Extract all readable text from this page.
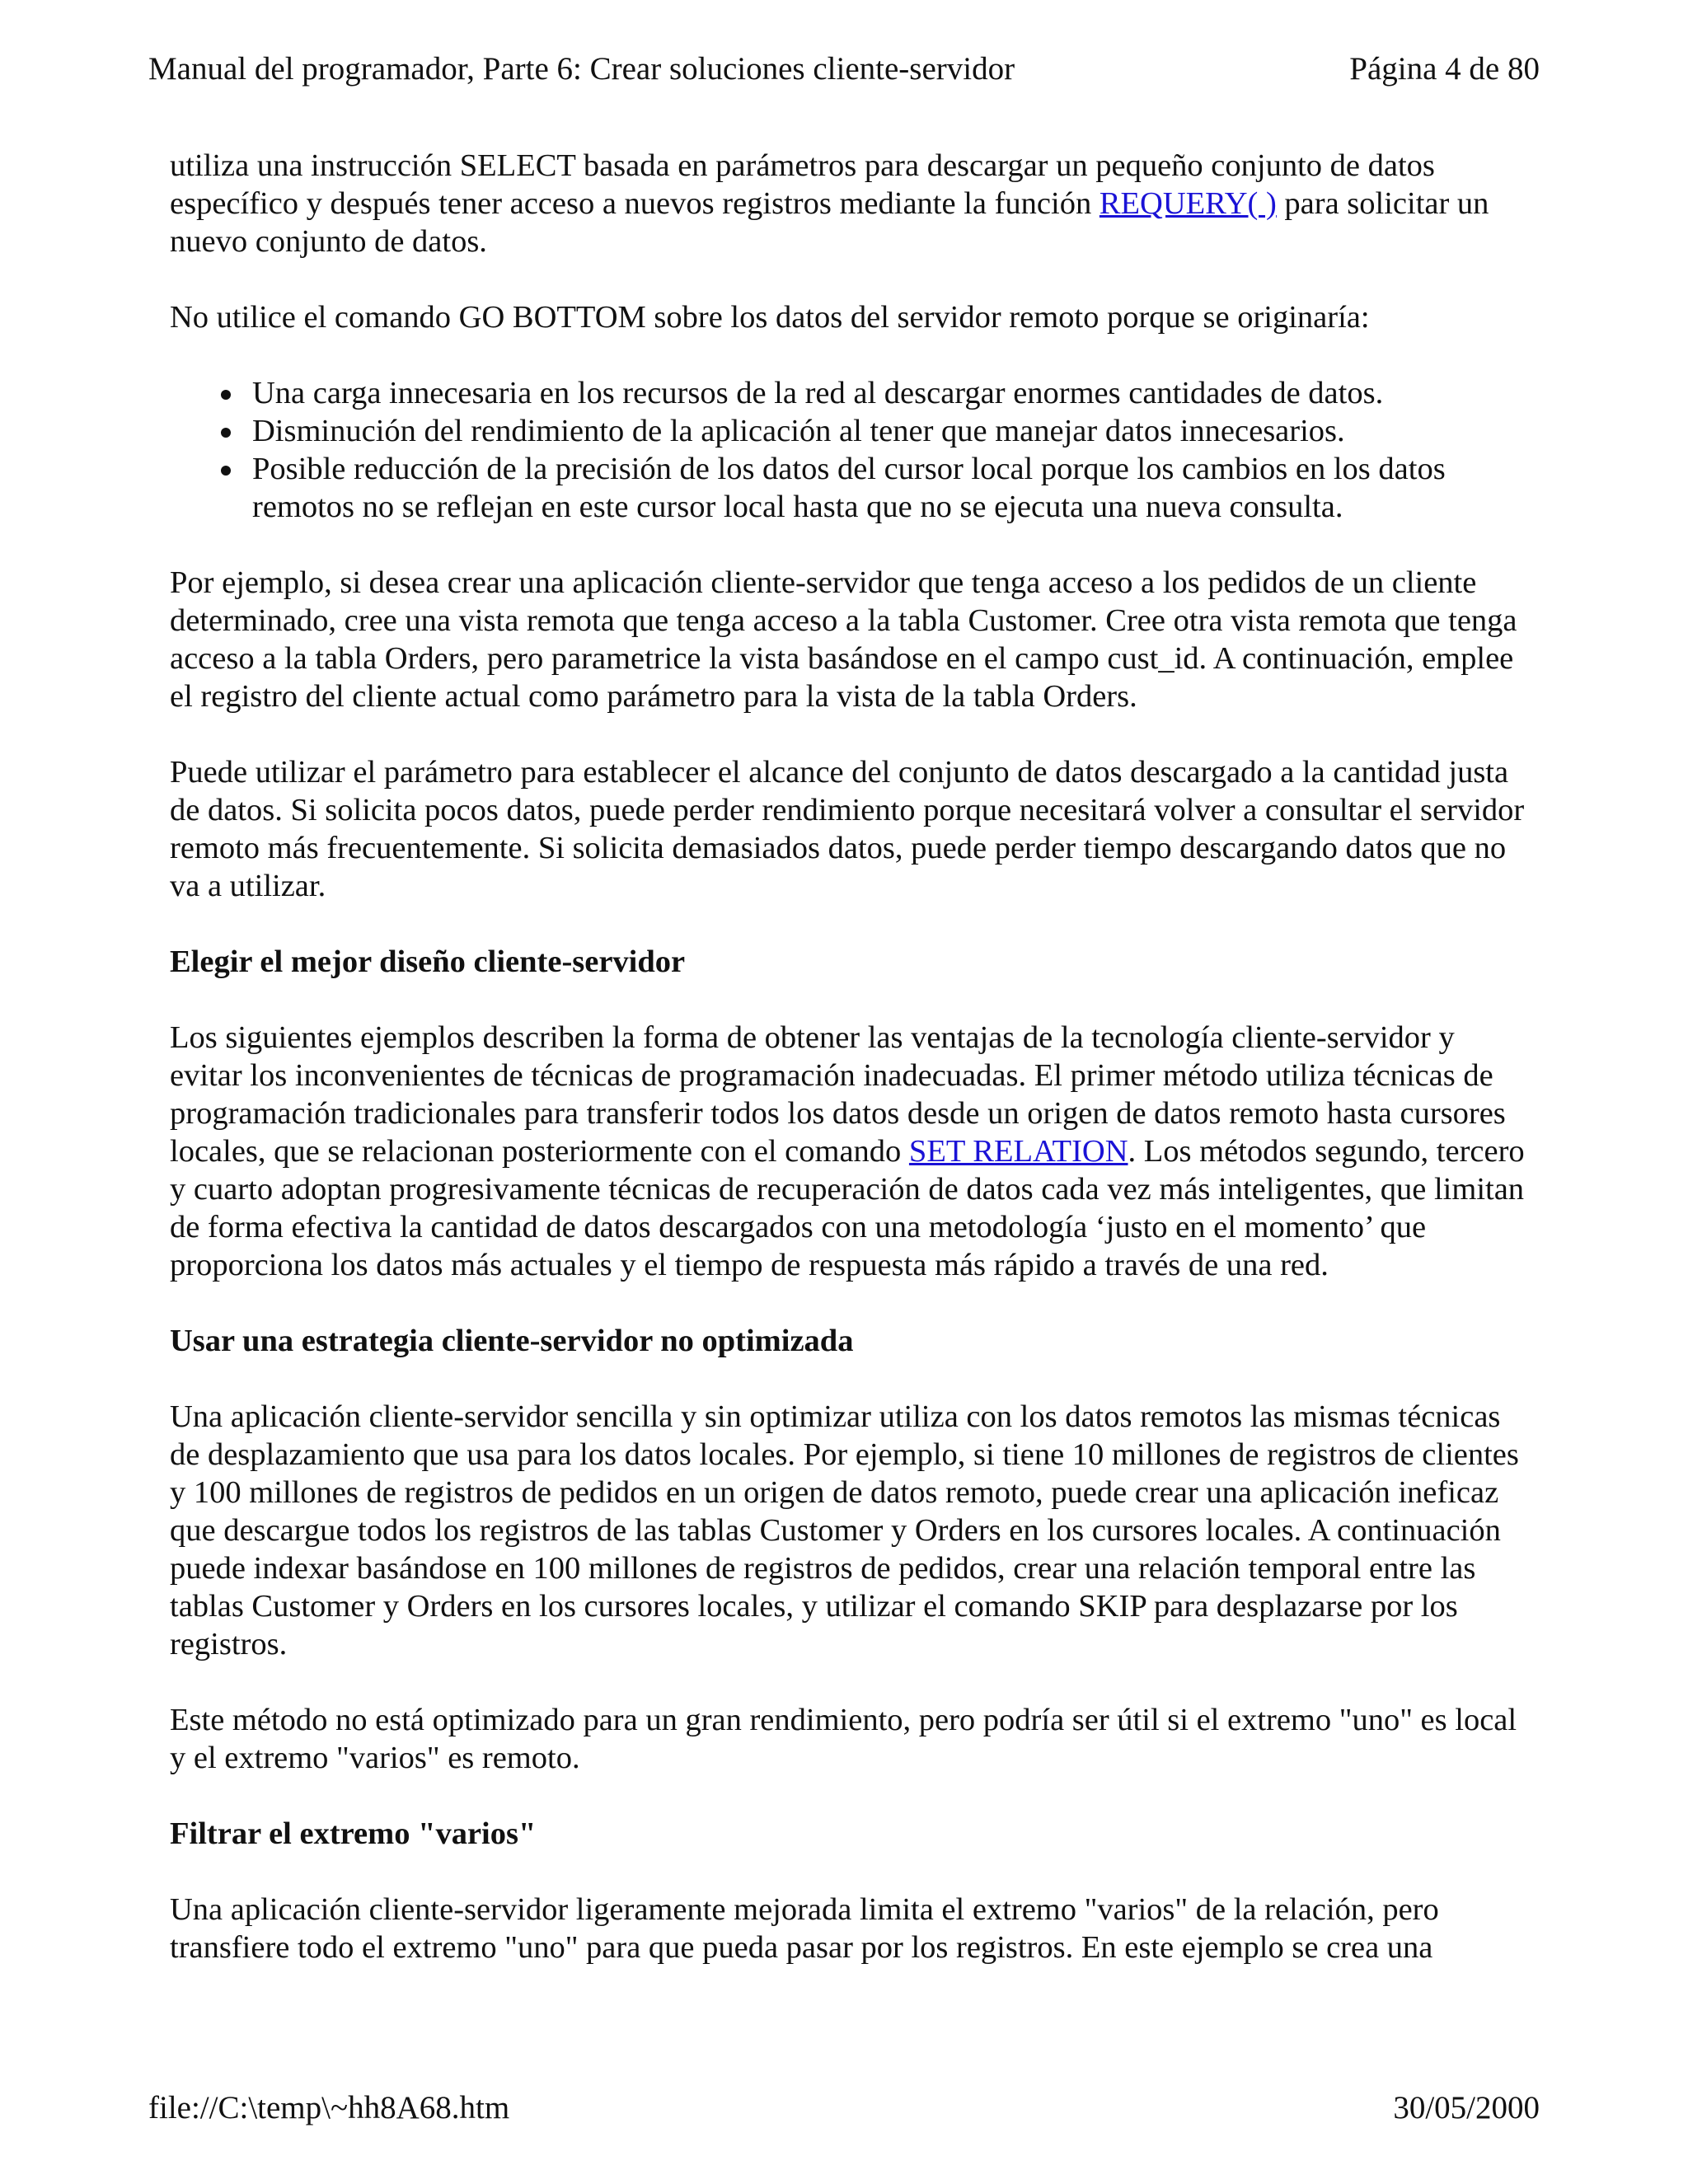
Manual del programador, Parte 6: Crear soluciones cliente-servidor	Página 4 de 80

utiliza una instrucción SELECT basada en parámetros para descargar un pequeño conjunto de datos específico y después tener acceso a nuevos registros mediante la función REQUERY( ) para solicitar un nuevo conjunto de datos.

No utilice el comando GO BOTTOM sobre los datos del servidor remoto porque se originaría:

Una carga innecesaria en los recursos de la red al descargar enormes cantidades de datos.
Disminución del rendimiento de la aplicación al tener que manejar datos innecesarios.
Posible reducción de la precisión de los datos del cursor local porque los cambios en los datos remotos no se reflejan en este cursor local hasta que no se ejecuta una nueva consulta.

Por ejemplo, si desea crear una aplicación cliente-servidor que tenga acceso a los pedidos de un cliente determinado, cree una vista remota que tenga acceso a la tabla Customer. Cree otra vista remota que tenga acceso a la tabla Orders, pero parametrice la vista basándose en el campo cust_id. A continuación, emplee el registro del cliente actual como parámetro para la vista de la tabla Orders.

Puede utilizar el parámetro para establecer el alcance del conjunto de datos descargado a la cantidad justa de datos. Si solicita pocos datos, puede perder rendimiento porque necesitará volver a consultar el servidor remoto más frecuentemente. Si solicita demasiados datos, puede perder tiempo descargando datos que no va a utilizar.

Elegir el mejor diseño cliente-servidor

Los siguientes ejemplos describen la forma de obtener las ventajas de la tecnología cliente-servidor y evitar los inconvenientes de técnicas de programación inadecuadas. El primer método utiliza técnicas de programación tradicionales para transferir todos los datos desde un origen de datos remoto hasta cursores locales, que se relacionan posteriormente con el comando SET RELATION. Los métodos segundo, tercero y cuarto adoptan progresivamente técnicas de recuperación de datos cada vez más inteligentes, que limitan de forma efectiva la cantidad de datos descargados con una metodología ‘justo en el momento’ que proporciona los datos más actuales y el tiempo de respuesta más rápido a través de una red.

Usar una estrategia cliente-servidor no optimizada

Una aplicación cliente-servidor sencilla y sin optimizar utiliza con los datos remotos las mismas técnicas de desplazamiento que usa para los datos locales. Por ejemplo, si tiene 10 millones de registros de clientes y 100 millones de registros de pedidos en un origen de datos remoto, puede crear una aplicación ineficaz que descargue todos los registros de las tablas Customer y Orders en los cursores locales. A continuación puede indexar basándose en 100 millones de registros de pedidos, crear una relación temporal entre las tablas Customer y Orders en los cursores locales, y utilizar el comando SKIP para desplazarse por los registros.

Este método no está optimizado para un gran rendimiento, pero podría ser útil si el extremo "uno" es local y el extremo "varios" es remoto.

Filtrar el extremo "varios"

Una aplicación cliente-servidor ligeramente mejorada limita el extremo "varios" de la relación, pero transfiere todo el extremo "uno" para que pueda pasar por los registros. En este ejemplo se crea una

file://C:\temp\~hh8A68.htm	30/05/2000
